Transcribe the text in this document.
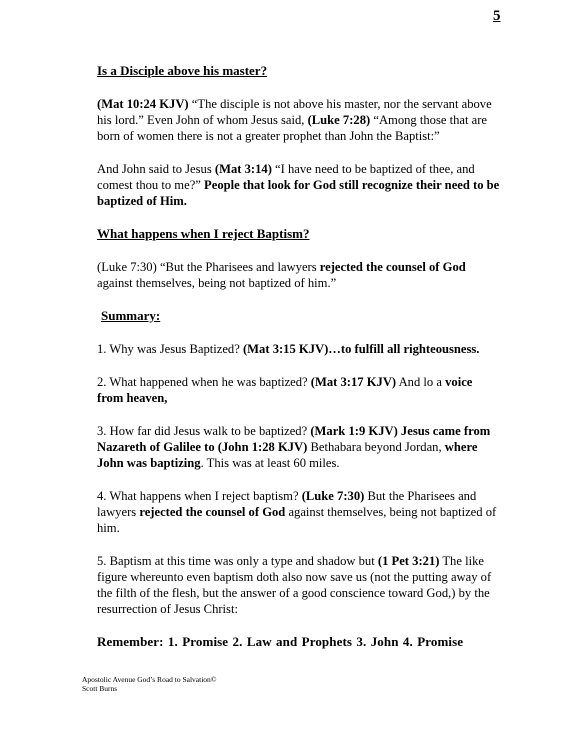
5

Is a Disciple above his master?

(Mat 10:24 KJV) “The disciple is not above his master, nor the servant above his lord.” Even John of whom Jesus said, (Luke 7:28) “Among those that are born of women there is not a greater prophet than John the Baptist:”

And John said to Jesus (Mat 3:14) “I have need to be baptized of thee, and comest thou to me?” People that look for God still recognize their need to be baptized of Him.

What happens when I reject Baptism?

(Luke 7:30) “But the Pharisees and lawyers rejected the counsel of God against themselves, being not baptized of him.”

Summary:

1. Why was Jesus Baptized? (Mat 3:15 KJV)…to fulfill all righteousness.

2. What happened when he was baptized? (Mat 3:17 KJV) And lo a voice from heaven,

3. How far did Jesus walk to be baptized? (Mark 1:9 KJV) Jesus came from Nazareth of Galilee to (John 1:28 KJV) Bethabara beyond Jordan, where John was baptizing. This was at least 60 miles.

4. What happens when I reject baptism? (Luke 7:30) But the Pharisees and lawyers rejected the counsel of God against themselves, being not baptized of him.

5. Baptism at this time was only a type and shadow but (1 Pet 3:21) The like figure whereunto even baptism doth also now save us (not the putting away of the filth of the flesh, but the answer of a good conscience toward God,) by the resurrection of Jesus Christ:

Remember: 1. Promise 2. Law and Prophets 3. John 4. Promise

Apostolic Avenue God’s Road to Salvation©
Scott Burns
